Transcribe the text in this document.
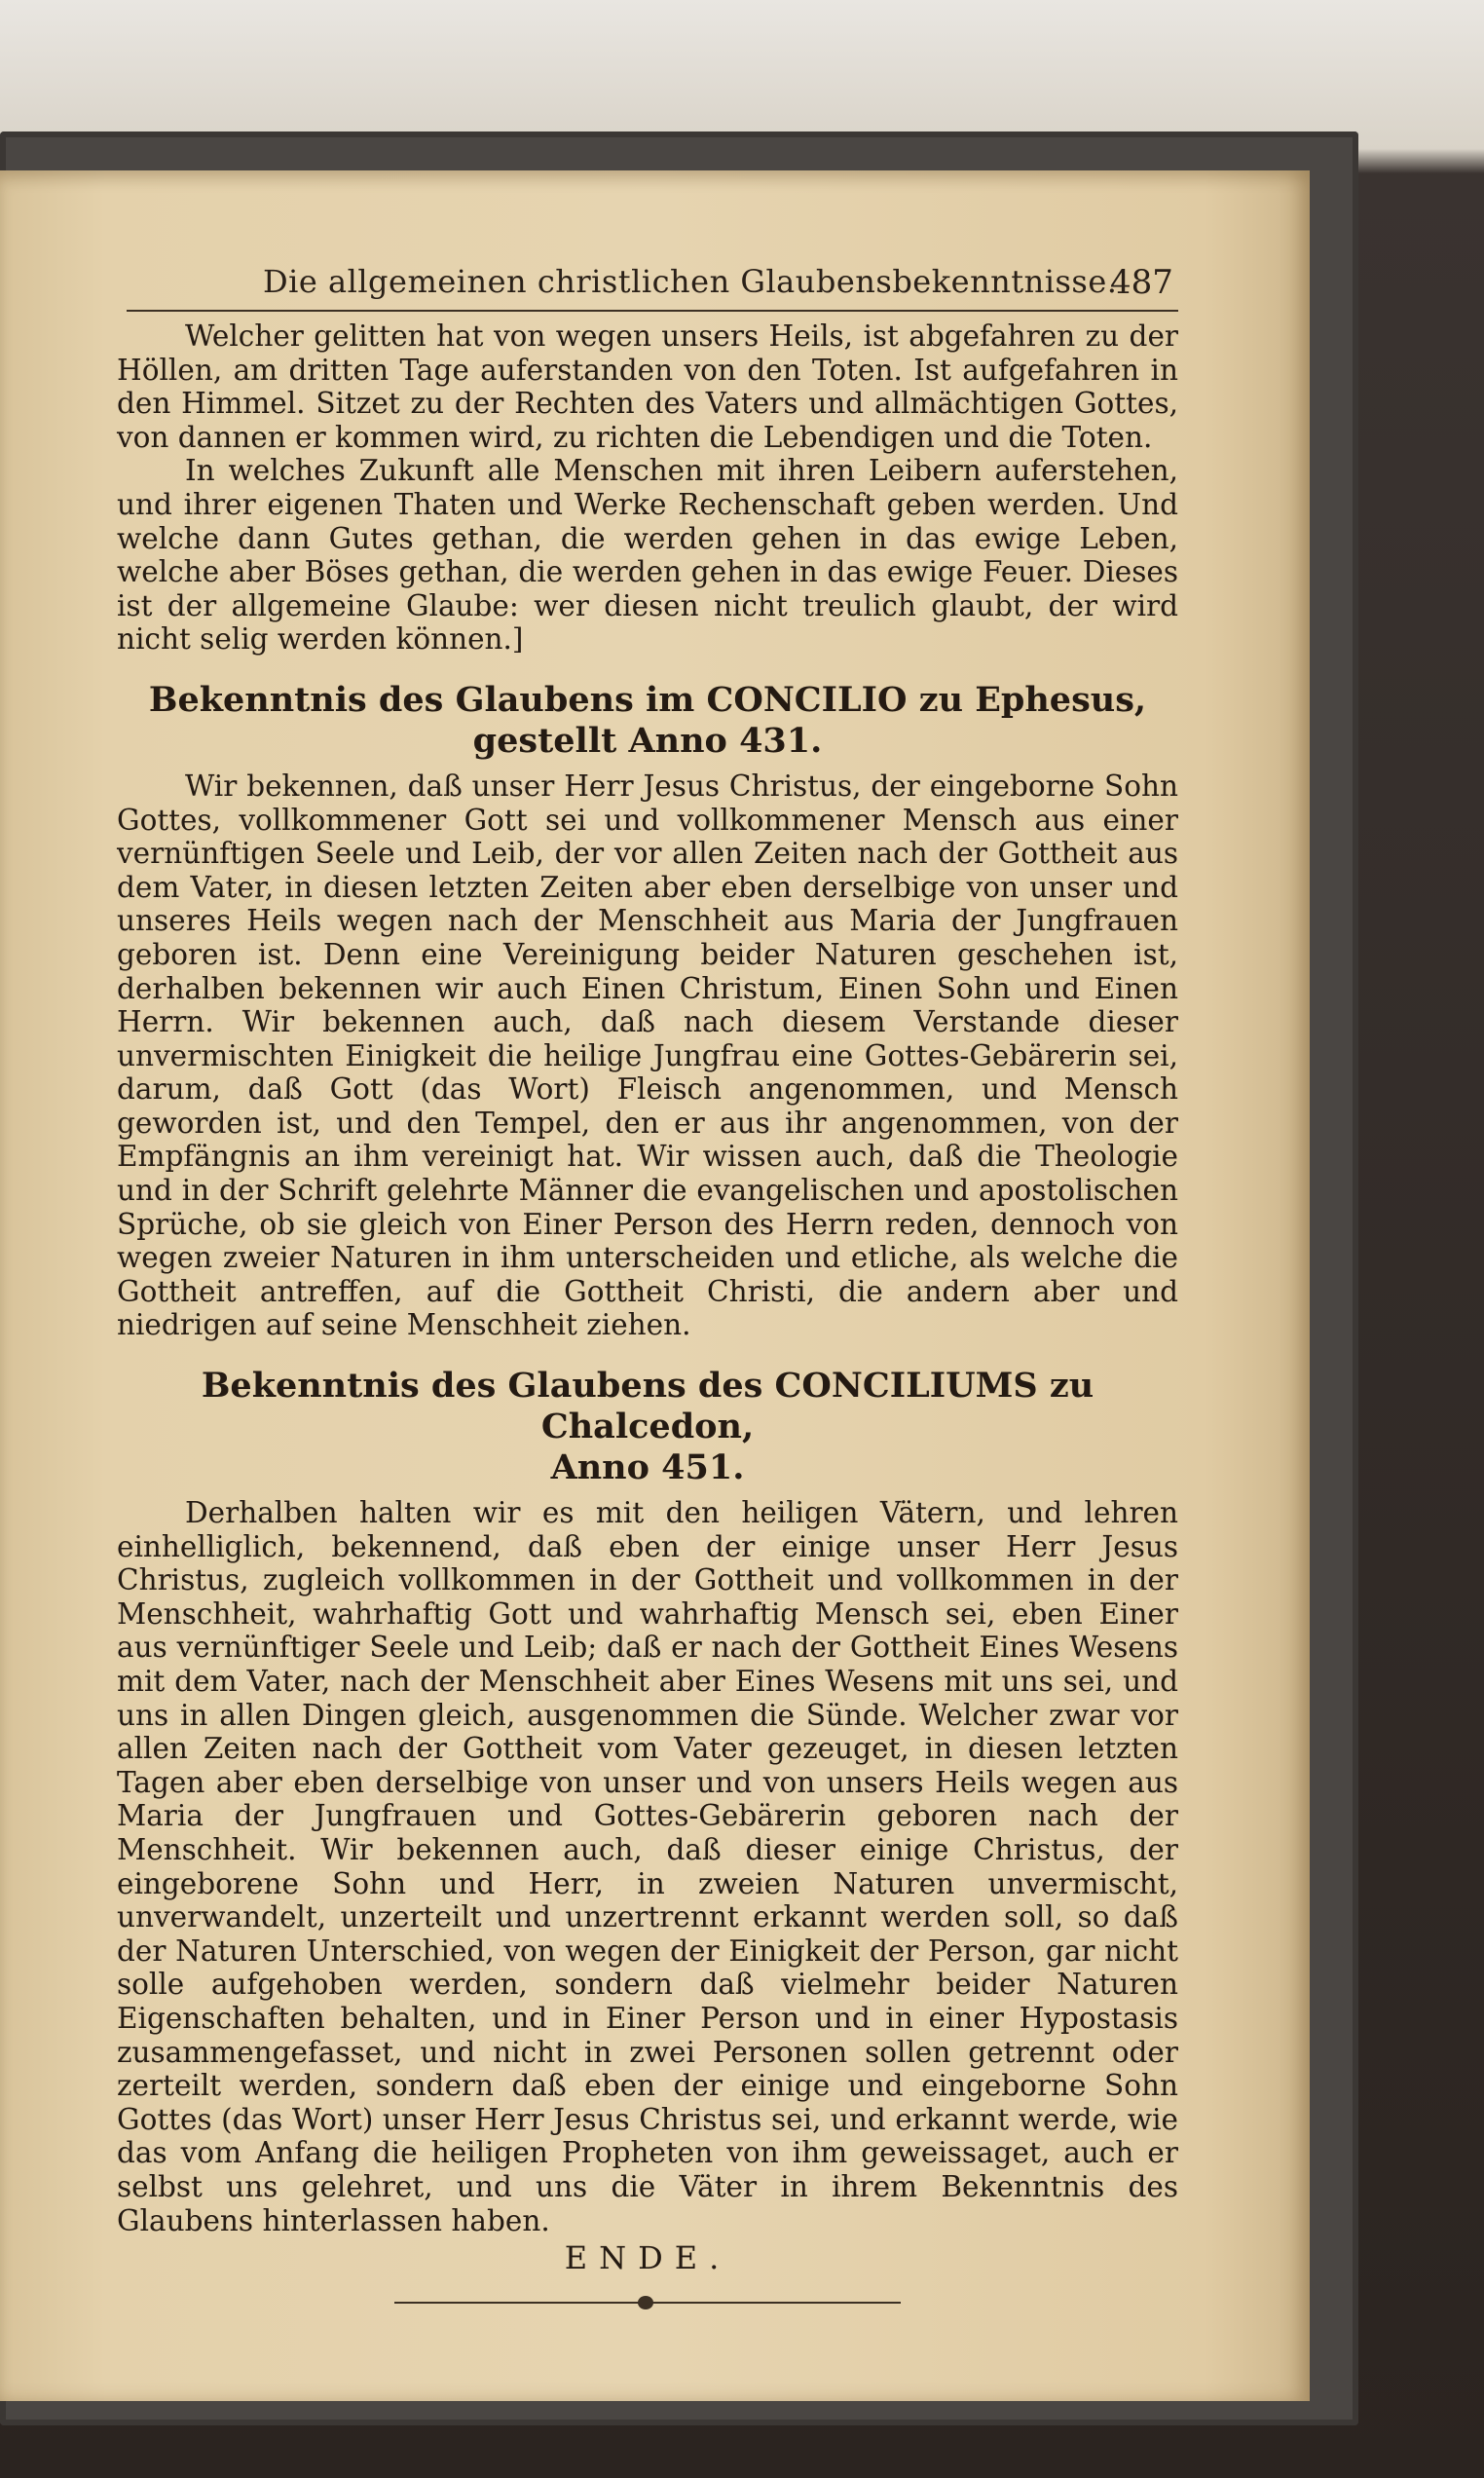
Die allgemeinen christlichen Glaubensbekenntnisse.
487

Welcher gelitten hat von wegen unsers Heils, ist abgefahren zu der Höllen, am dritten Tage auferstanden von den Toten. Ist aufgefahren in den Himmel. Sitzet zu der Rechten des Vaters und allmächtigen Gottes, von dannen er kommen wird, zu richten die Lebendigen und die Toten.

In welches Zukunft alle Menschen mit ihren Leibern auferstehen, und ihrer eigenen Thaten und Werke Rechenschaft geben werden. Und welche dann Gutes gethan, die werden gehen in das ewige Leben, welche aber Böses gethan, die werden gehen in das ewige Feuer. Dieses ist der allgemeine Glaube: wer diesen nicht treulich glaubt, der wird nicht selig werden können.]

Bekenntnis des Glaubens im CONCILIO zu Ephesus,
gestellt Anno 431.

Wir bekennen, daß unser Herr Jesus Christus, der eingeborne Sohn Gottes, vollkommener Gott sei und vollkommener Mensch aus einer vernünftigen Seele und Leib, der vor allen Zeiten nach der Gottheit aus dem Vater, in diesen letzten Zeiten aber eben derselbige von unser und unseres Heils wegen nach der Menschheit aus Maria der Jungfrauen geboren ist. Denn eine Vereinigung beider Naturen geschehen ist, derhalben bekennen wir auch Einen Christum, Einen Sohn und Einen Herrn. Wir bekennen auch, daß nach diesem Verstande dieser unvermischten Einigkeit die heilige Jungfrau eine Gottes-Gebärerin sei, darum, daß Gott (das Wort) Fleisch angenommen, und Mensch geworden ist, und den Tempel, den er aus ihr angenommen, von der Empfängnis an ihm vereinigt hat. Wir wissen auch, daß die Theologie und in der Schrift gelehrte Männer die evangelischen und apostolischen Sprüche, ob sie gleich von Einer Person des Herrn reden, dennoch von wegen zweier Naturen in ihm unterscheiden und etliche, als welche die Gottheit antreffen, auf die Gottheit Christi, die andern aber und niedrigen auf seine Menschheit ziehen.

Bekenntnis des Glaubens des CONCILIUMS zu Chalcedon,
Anno 451.

Derhalben halten wir es mit den heiligen Vätern, und lehren einhelliglich, bekennend, daß eben der einige unser Herr Jesus Christus, zugleich vollkommen in der Gottheit und vollkommen in der Menschheit, wahrhaftig Gott und wahrhaftig Mensch sei, eben Einer aus vernünftiger Seele und Leib; daß er nach der Gottheit Eines Wesens mit dem Vater, nach der Menschheit aber Eines Wesens mit uns sei, und uns in allen Dingen gleich, ausgenommen die Sünde. Welcher zwar vor allen Zeiten nach der Gottheit vom Vater gezeuget, in diesen letzten Tagen aber eben derselbige von unser und von unsers Heils wegen aus Maria der Jungfrauen und Gottes-Gebärerin geboren nach der Menschheit. Wir bekennen auch, daß dieser einige Christus, der eingeborene Sohn und Herr, in zweien Naturen unvermischt, unverwandelt, unzerteilt und unzertrennt erkannt werden soll, so daß der Naturen Unterschied, von wegen der Einigkeit der Person, gar nicht solle aufgehoben werden, sondern daß vielmehr beider Naturen Eigenschaften behalten, und in Einer Person und in einer Hypostasis zusammengefasset, und nicht in zwei Personen sollen getrennt oder zerteilt werden, sondern daß eben der einige und eingeborne Sohn Gottes (das Wort) unser Herr Jesus Christus sei, und erkannt werde, wie das vom Anfang die heiligen Propheten von ihm geweissaget, auch er selbst uns gelehret, und uns die Väter in ihrem Bekenntnis des Glaubens hinterlassen haben.

ENDE.
